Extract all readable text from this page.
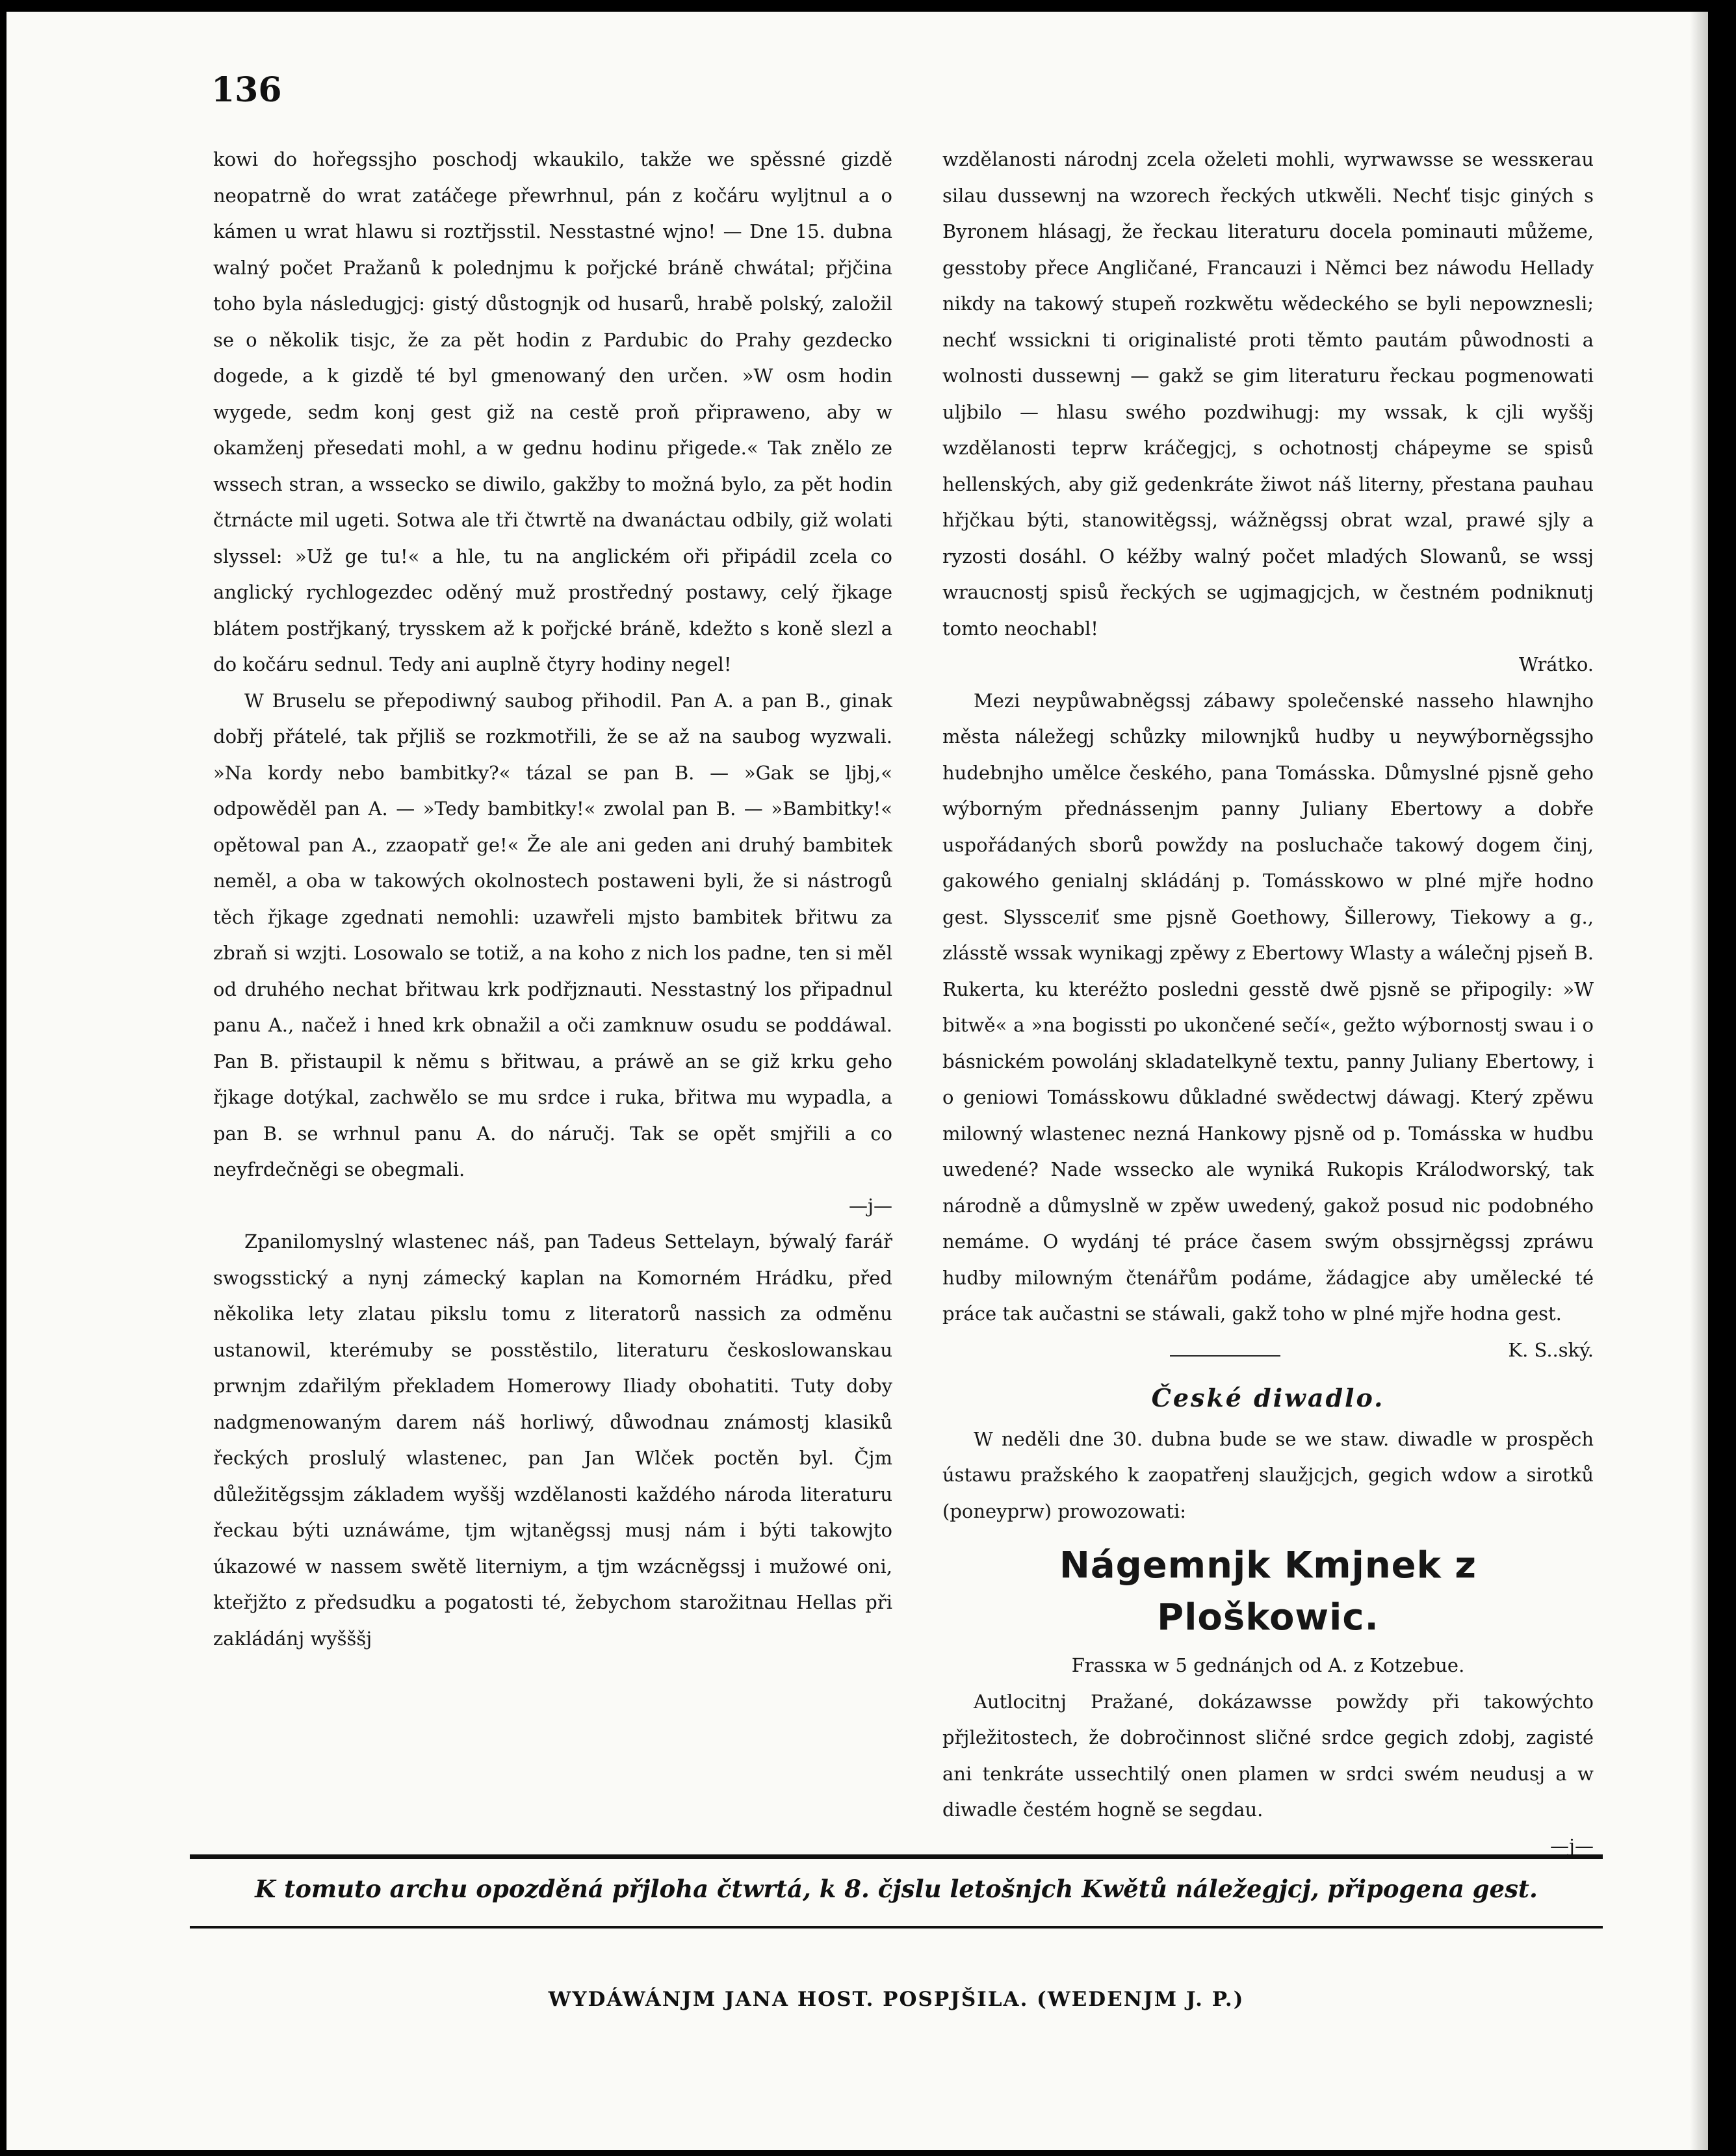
136

kowi do hořegssjho poschodj wkaukilo, takže we spěssné gizdě neopatrně do wrat zatáčege přewrhnul, pán z kočáru wyljtnul a o kámen u wrat hlawu si roztřjsstil. Nesstastné wjno! — Dne 15. dubna walný počet Pražanů k polednjmu k pořjcké bráně chwátal; přjčina toho byla následugjcj: gistý důstognjk od husarů, hrabě polský, založil se o několik tisjc, že za pět hodin z Pardubic do Prahy gezdeckо dogede, a k gizdě té byl gmenowaný den určen. »W osm hodin wygede, sedm konj gest giž na cestě proň připraweno, aby w okamženj přesedati mohl, a w gednu hodinu přigede.« Tak znělo ze wssech stran, a wssecko se diwilo, gakžby to možná bylo, za pět hodin čtrnácte mil ugeti. Sotwa ale tři čtwrtě na dwanáctau odbily, giž wolati slyssel: »Už ge tu!« a hle, tu na anglickém oři připádil zcela co anglický rychlogezdec oděný muž prostředný postawy, celý řjkage blátem postřjkaný, trysskem až k pořjcké bráně, kdežto s koně slezl a do kočáru sednul. Tedy ani auplně čtyry hodiny negel!

W Bruselu se přepodiwný saubog přihodil. Pan A. a pan B., ginak dobřj přátelé, tak přjliš se rozkmotřili, že se až na saubog wyzwali. »Na kordy nebo bambitky?« tázal se pan B. — »Gak se ljbj,« odpowěděl pan A. — »Tedy bambitky!« zwolal pan B. — »Bambitky!« opětowal pan A., zzaopatř ge!« Že ale ani geden ani druhý bambitek neměl, a oba w takowých okolnostech postaweni byli, že si nástrogů těch řjkage zgednati nemohli: uzawřeli mjsto bambitek břitwu za zbraň si wzjti. Losowalo se totiž, a na koho z nich los padne, ten si měl od druhého nechat břitwau krk podřjznauti. Nesstastný los připadnul panu A., načež i hned krk obnažil a oči zamknuw osudu se poddáwal. Pan B. přistaupil k němu s břitwau, a práwě an se giž krku geho řjkage dotýkal, zachwělo se mu srdce i ruka, břitwa mu wypadla, a pan B. se wrhnul panu A. do náručj. Tak se opět smjřili a co neyfrdečněgi se obegmali.

—j—

Zpanilomyslný wlastenec náš, pan Tadeus Settelayn, býwalý farář swogsstický a nynj zámecký kaplan na Komorném Hrádku, před několika lety zlatau pikslu tomu z literatorů nassich za odměnu ustanowil, kterémuby se posstěstilo, literaturu českoslowanskau prwnjm zdařilým překladem Homerowy Iliady obohatiti. Tuty doby nadgmenowaným darem náš horliwý, důwodnau známostj klasiků řeckých proslulý wlastenec, pan Jan Wlček poctěn byl. Čjm důležitěgssjm základem wyššj wzdělanosti každého národa literaturu řeckau býti uznáwáme, tjm wjtaněgssj musj nám i býti takowjto úkazowé w nassem swětě literniym, a tjm wzácněgssj i mužowé oni, kteřjžto z předsudku a pogatosti té, žebychom starožitnau Hellas při zakládánj wyšššj

wzdělanosti národnj zcela oželeti mohli, wyrwawsse se wessкerau silau dussewnj na wzorech řeckých utkwěli. Nechť tisjc giných s Byronem hlásagj, že řeckau literaturu docela pominauti můžeme, gesstoby přece Angličané, Francauzi i Němci bez náwodu Hellady nikdy na takowý stupeň rozkwětu wědeckého se byli nepowznesli; nechť wssickni ti originalisté proti těmto pautám půwodnosti a wolnosti dussewnj — gakž se gim literaturu řeckau pogmenowati uljbilo — hlasu swého pozdwihugj: my wssak, k cjli wyššj wzdělanosti teprw kráčegjcj, s ochotnostj chápeyme se spisů hellenských, aby giž gedenkráte žiwot náš literny, přestana pauhau hřjčkau býti, stanowitěgssj, wážněgssj obrat wzal, prawé sjly a ryzosti dosáhl. O kéžby walný počet mladých Slowanů, se wssj wraucnostj spisů řeckých se ugjmagjcjch, w čestném podniknutj tomto neochabl!

Wrátko.

Mezi neypůwabněgssj zábawy společenské nasseho hlawnjho města náležegj schůzky milownjků hudby u neywýborněgssjho hudebnjho umělce českého, pana Tomásska. Důmyslné pjsně geho wýborným přednássenjm panny Juliany Ebertowy a dobře uspořádaných sborů powždy na posluchače takowý dogem činj, gakowého genialnj skládánj p. Tomásskowo w plné mjře hodno gest. Slyssселiť sme pjsně Goethowy, Šillerowy, Tiekowy a g., zlásstě wssak wynikagj zpěwy z Ebertowy Wlasty a wálečnj pjseň B. Rukerta, ku kteréžto posledni gesstě dwě pjsně se připogily: »W bitwě« a »na bogissti po ukončené sečí«, gežto wýbornostj swau i o básnickém powolánj skladatelkyně textu, panny Juliany Ebertowy, i o geniowi Tomásskowu důkladné swědectwj dáwagj. Který zpěwu milowný wlastenec nezná Hankowy pjsně od p. Tomásska w hudbu uwedené? Nade wssecko ale wyniká Rukopis Králodworský, tak národně a důmyslně w zpěw uwedený, gakož posud nic podobného nemáme. O wydánj té práce časem swým obssjrněgssj zpráwu hudby milowným čtenářům podáme, žádagjce aby umělecké té práce tak aučastni se stáwali, gakž toho w plné mjře hodna gest.

K. S..ský.

České diwadlo.

W neděli dne 30. dubna bude se we staw. diwadle w prospěch ústawu pražského k zaopatřenj slaužjcjch, gegich wdow a sirotků (poneyprw) prowozowati:

Nágemnjk Kmjnek z Ploškowic.

Frassкa w 5 gednánjch od A. z Kotzebue.

Autlocitnj Pražané, dokázawsse powždy při takowýchto přjležitostech, že dobročinnost sličné srdce gegich zdobj, zagisté ani tenkráte ussechtilý onen plamen w srdci swém neudusj a w diwadle čestém hogně se segdau.

—j—

K tomuto archu opozděná přjloha čtwrtá, k 8. čjslu letošnjch Kwětů náležegjcj, připogena gest.

WYDÁWÁNJM JANA HOST. POSPJŠILA. (WEDENJM J. P.)
